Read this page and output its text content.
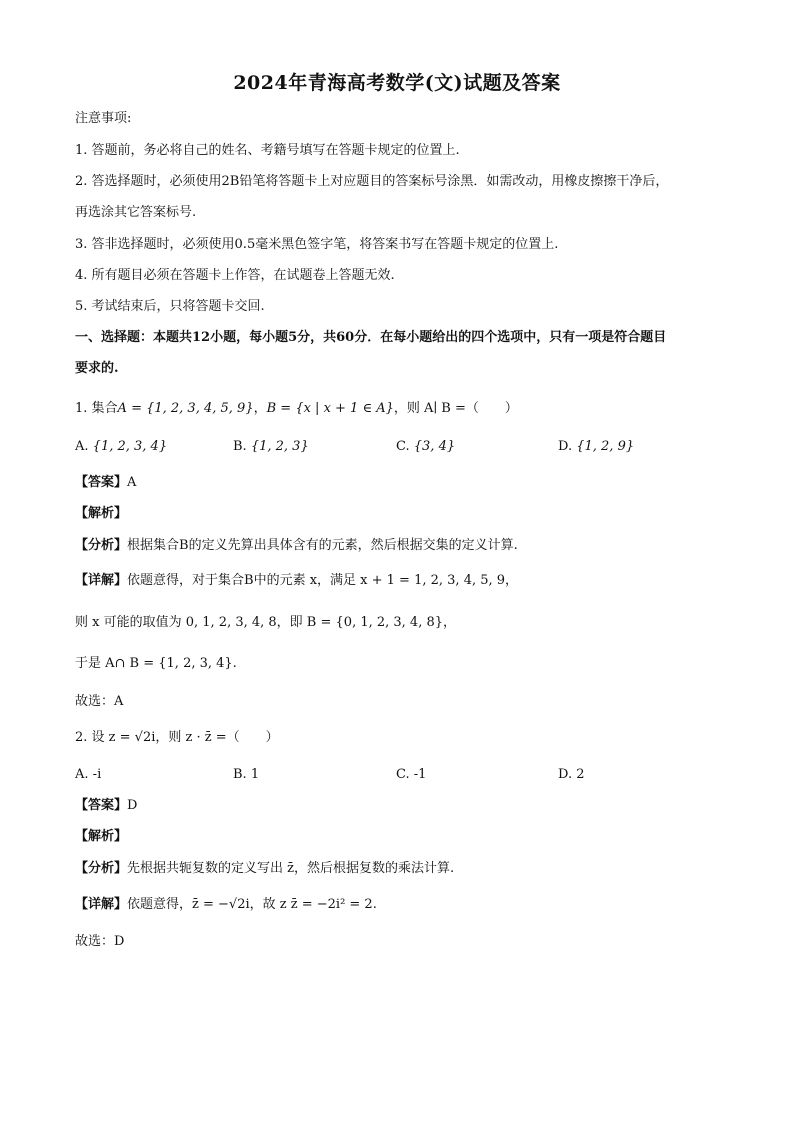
2024年青海高考数学(文)试题及答案
注意事项:
1. 答题前，务必将自己的姓名、考籍号填写在答题卡规定的位置上.
2. 答选择题时，必须使用2B铅笔将答题卡上对应题目的答案标号涂黑．如需改动，用橡皮擦擦干净后，
再选涂其它答案标号.
3. 答非选择题时，必须使用0.5毫米黑色签字笔，将答案书写在答题卡规定的位置上.
4. 所有题目必须在答题卡上作答，在试题卷上答题无效.
5. 考试结束后，只将答题卡交回.
一、选择题：本题共12小题，每小题5分，共60分．在每小题给出的四个选项中，只有一项是符合题目
要求的.
1. 集合A = {1, 2, 3, 4, 5, 9}，B = {x | x + 1 ∈ A}，则 A∣ B =（　　）
A. {1, 2, 3, 4}	B. {1, 2, 3}	C. {3, 4}	D. {1, 2, 9}
【答案】A
【解析】
【分析】根据集合B的定义先算出具体含有的元素，然后根据交集的定义计算.
【详解】依题意得，对于集合B中的元素 x，满足 x + 1 = 1, 2, 3, 4, 5, 9，
则 x 可能的取值为 0, 1, 2, 3, 4, 8，即 B = {0, 1, 2, 3, 4, 8}，
于是 A∩ B = {1, 2, 3, 4}.
故选：A
2. 设 z = √2i，则 z · z̄ =（　　）
A. -i	B. 1	C. -1	D. 2
【答案】D
【解析】
【分析】先根据共轭复数的定义写出 z̄，然后根据复数的乘法计算.
【详解】依题意得，z̄ = −√2i，故 z z̄ = −2i² = 2.
故选：D
